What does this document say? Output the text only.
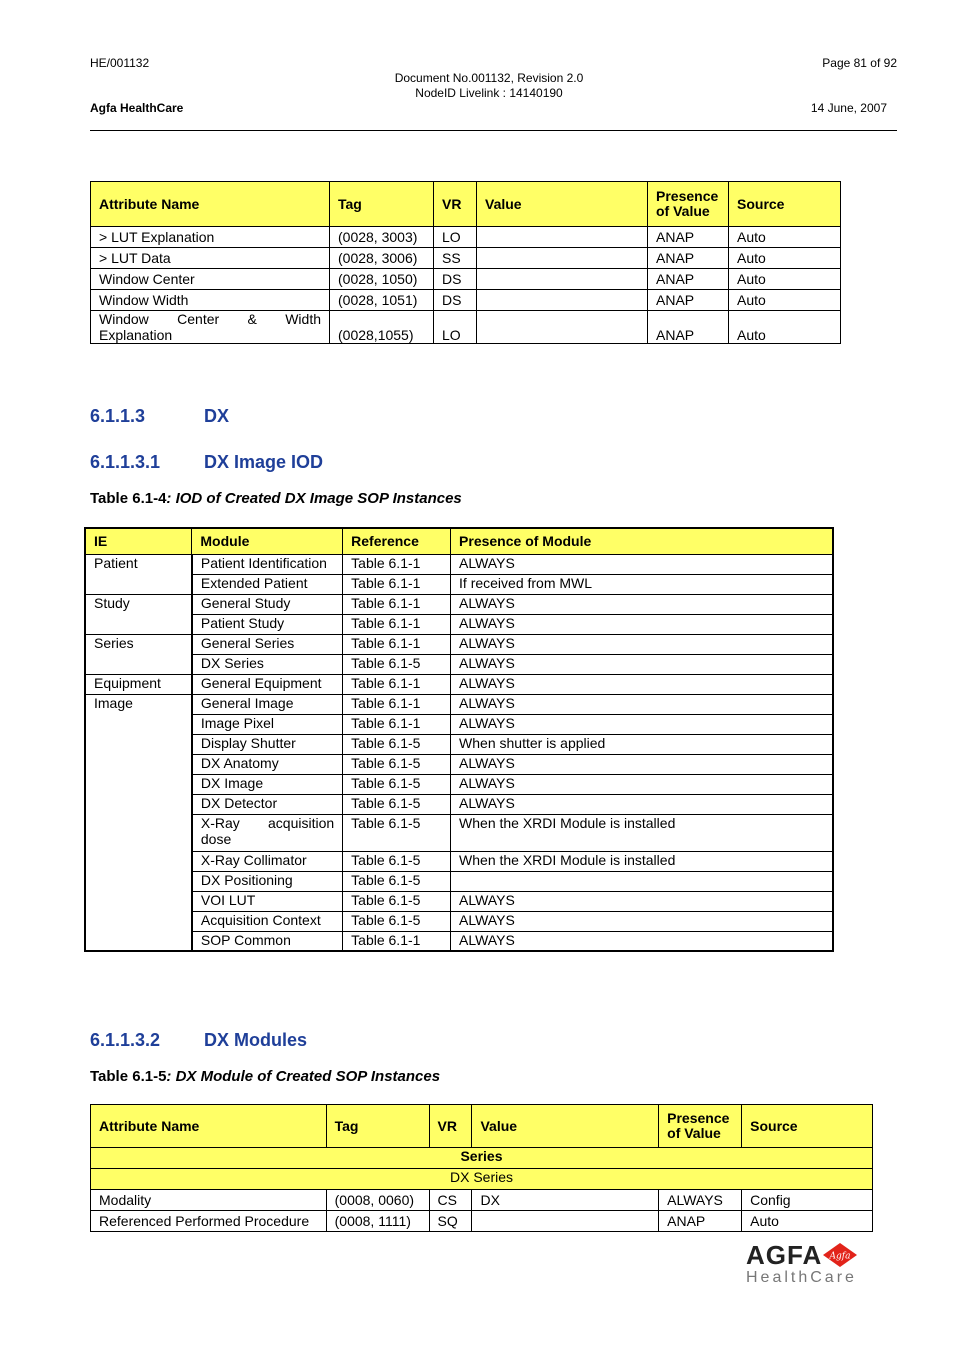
HE/001132
Agfa HealthCare
Document No.001132, Revision 2.0
NodeID Livelink : 14140190
Page 81 of 92
14 June, 2007
Attribute Name	Tag	VR	Value	Presence of Value	Source
> LUT Explanation	(0028, 3003)	LO		ANAP	Auto
> LUT Data	(0028, 3006)	SS		ANAP	Auto
Window Center	(0028, 1050)	DS		ANAP	Auto
Window Width	(0028, 1051)	DS		ANAP	Auto

Window Center & Width
Explanation	(0028,1055)	LO		ANAP	Auto
6.1.1.3	DX
6.1.1.3.1 DX Image IOD
Table 6.1-4: IOD of Created DX Image SOP Instances
IE	Module	Reference	Presence of Module
Patient	Patient Identification	Table 6.1-1	ALWAYS
	Extended Patient	Table 6.1-1	If received from MWL
Study	General Study	Table 6.1-1	ALWAYS
	Patient Study	Table 6.1-1	ALWAYS
Series	General Series	Table 6.1-1	ALWAYS
	DX Series	Table 6.1-5	ALWAYS
Equipment	General Equipment	Table 6.1-1	ALWAYS
Image	General Image	Table 6.1-1	ALWAYS
	Image Pixel	Table 6.1-1	ALWAYS
	Display Shutter	Table 6.1-5	When shutter is applied
	DX Anatomy	Table 6.1-5	ALWAYS
	DX Image	Table 6.1-5	ALWAYS
	DX Detector	Table 6.1-5	ALWAYS

	X-Ray acquisition
dose	Table 6.1-5	When the XRDI Module is installed
	X-Ray Collimator	Table 6.1-5	When the XRDI Module is installed
	DX Positioning	Table 6.1-5	
	VOI LUT	Table 6.1-5	ALWAYS
	Acquisition Context	Table 6.1-5	ALWAYS
	SOP Common	Table 6.1-1	ALWAYS
6.1.1.3.2 DX Modules
Table 6.1-5: DX Module of Created SOP Instances
Attribute Name	Tag	VR	Value	Presence of Value	Source
Series					
DX Series					
Modality	(0008, 0060)	CS	DX	ALWAYS	Config
Referenced Performed Procedure	(0008, 1111)	SQ		ANAP	Auto
AGFA Agfa
HealthCare
